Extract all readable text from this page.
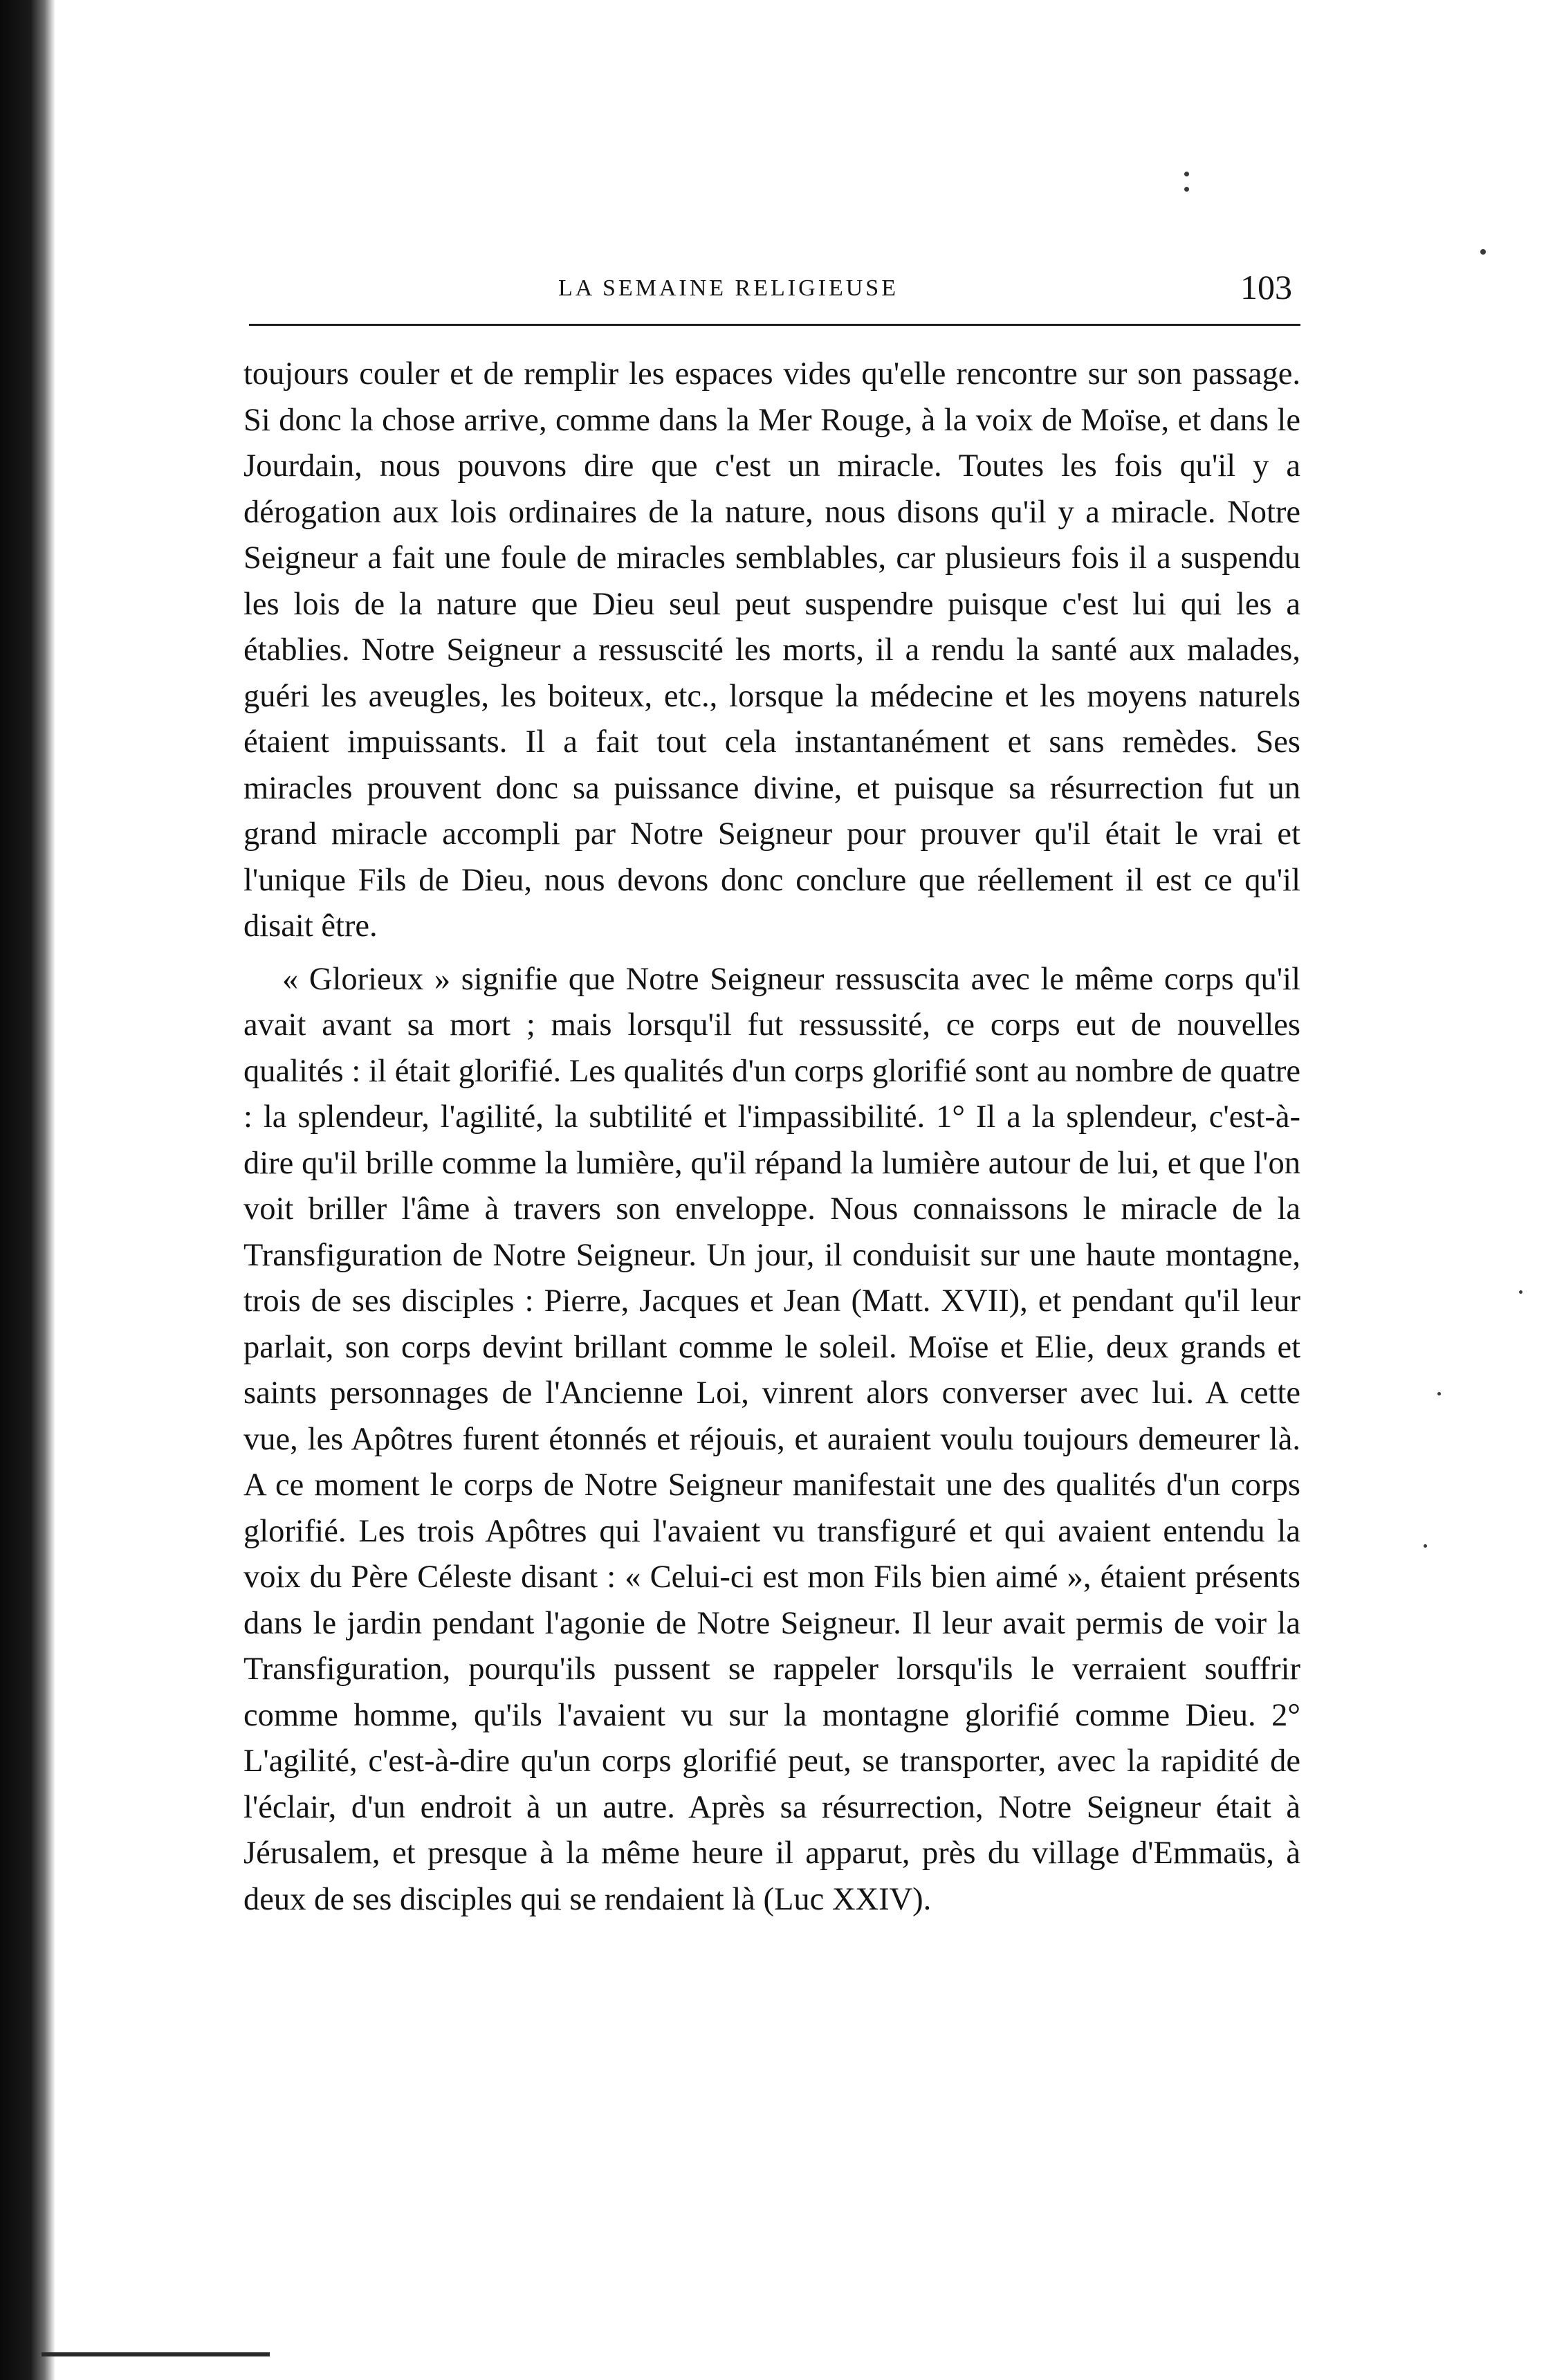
LA SEMAINE RELIGIEUSE	103

toujours couler et de remplir les espaces vides qu'elle rencontre sur son passage. Si donc la chose arrive, comme dans la Mer Rouge, à la voix de Moïse, et dans le Jourdain, nous pouvons dire que c'est un miracle. Toutes les fois qu'il y a dérogation aux lois ordinaires de la nature, nous disons qu'il y a miracle. Notre Seigneur a fait une foule de miracles semblables, car plusieurs fois il a suspendu les lois de la nature que Dieu seul peut suspendre puisque c'est lui qui les a établies. Notre Seigneur a ressuscité les morts, il a rendu la santé aux malades, guéri les aveugles, les boiteux, etc., lorsque la médecine et les moyens naturels étaient impuissants. Il a fait tout cela instantanément et sans remèdes. Ses miracles prouvent donc sa puissance divine, et puisque sa résurrection fut un grand miracle accompli par Notre Seigneur pour prouver qu'il était le vrai et l'unique Fils de Dieu, nous devons donc conclure que réellement il est ce qu'il disait être.

« Glorieux » signifie que Notre Seigneur ressuscita avec le même corps qu'il avait avant sa mort ; mais lorsqu'il fut ressussité, ce corps eut de nouvelles qualités : il était glorifié. Les qualités d'un corps glorifié sont au nombre de quatre : la splendeur, l'agilité, la subtilité et l'impassibilité. 1° Il a la splendeur, c'est-à-dire qu'il brille comme la lumière, qu'il répand la lumière autour de lui, et que l'on voit briller l'âme à travers son enveloppe. Nous connaissons le miracle de la Transfiguration de Notre Seigneur. Un jour, il conduisit sur une haute montagne, trois de ses disciples : Pierre, Jacques et Jean (Matt. XVII), et pendant qu'il leur parlait, son corps devint brillant comme le soleil. Moïse et Elie, deux grands et saints personnages de l'Ancienne Loi, vinrent alors converser avec lui. A cette vue, les Apôtres furent étonnés et réjouis, et auraient voulu toujours demeurer là. A ce moment le corps de Notre Seigneur manifestait une des qualités d'un corps glorifié. Les trois Apôtres qui l'avaient vu transfiguré et qui avaient entendu la voix du Père Céleste disant : « Celui-ci est mon Fils bien aimé », étaient présents dans le jardin pendant l'agonie de Notre Seigneur. Il leur avait permis de voir la Transfiguration, pourqu'ils pussent se rappeler lorsqu'ils le verraient souffrir comme homme, qu'ils l'avaient vu sur la montagne glorifié comme Dieu. 2° L'agilité, c'est-à-dire qu'un corps glorifié peut, se transporter, avec la rapidité de l'éclair, d'un endroit à un autre. Après sa résurrection, Notre Seigneur était à Jérusalem, et presque à la même heure il apparut, près du village d'Emmaüs, à deux de ses disciples qui se rendaient là (Luc XXIV).
